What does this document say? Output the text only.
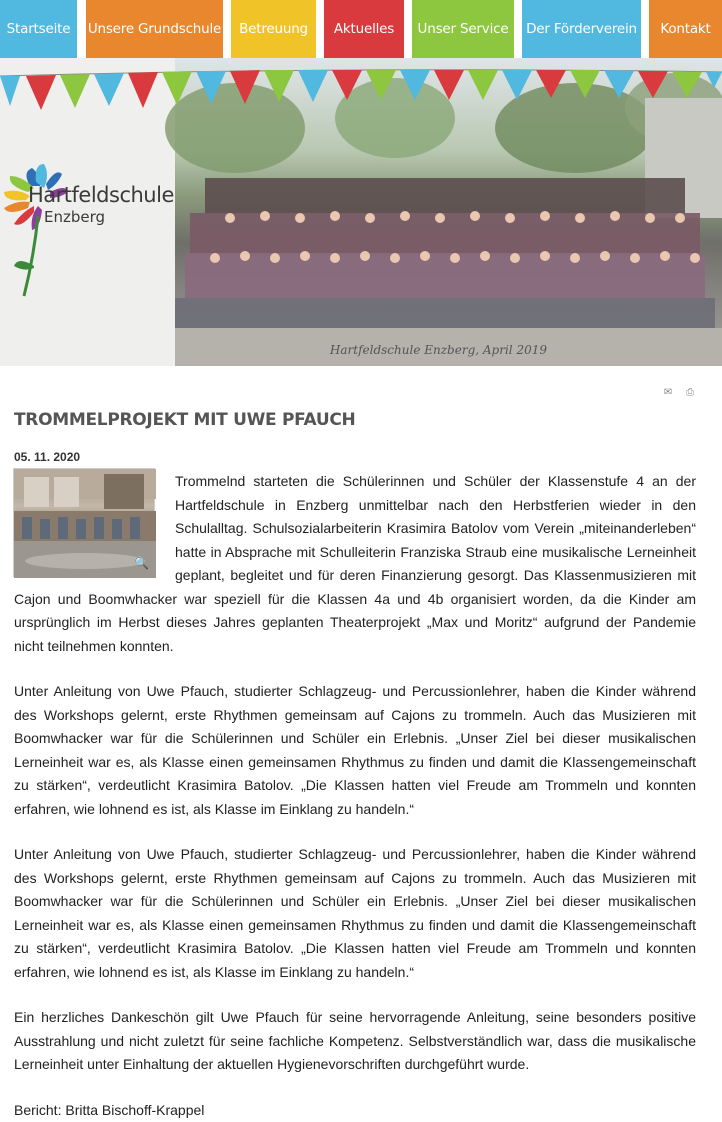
Startseite	Unsere Grundschule	Betreuung	Aktuelles	Unser Service	Der Förderverein	Kontakt
Hartfeldschule
Enzberg
Hartfeldschule Enzberg, April 2019
✉ ⎙
TROMMELPROJEKT MIT UWE PFAUCH
05. 11. 2020
🔍

Trommelnd starteten die Schülerinnen und Schüler der Klassenstufe 4 an der Hartfeldschule in Enzberg unmittelbar nach den Herbstferien wieder in den Schulalltag. Schulsozialarbeiterin Krasimira Batolov vom Verein „miteinanderleben“ hatte in Absprache mit Schulleiterin Franziska Straub eine musikalische Lerneinheit geplant, begleitet und für deren Finanzierung gesorgt. Das Klassenmusizieren mit Cajon und Boomwhacker war speziell für die Klassen 4a und 4b organisiert worden, da die Kinder am ursprünglich im Herbst dieses Jahres geplanten Theaterprojekt „Max und Moritz“ aufgrund der Pandemie nicht teilnehmen konnten.

Unter Anleitung von Uwe Pfauch, studierter Schlagzeug- und Percussionlehrer, haben die Kinder während des Workshops gelernt, erste Rhythmen gemeinsam auf Cajons zu trommeln. Auch das Musizieren mit Boomwhacker war für die Schülerinnen und Schüler ein Erlebnis. „Unser Ziel bei dieser musikalischen Lerneinheit war es, als Klasse einen gemeinsamen Rhythmus zu finden und damit die Klassengemeinschaft zu stärken“, verdeutlicht Krasimira Batolov. „Die Klassen hatten viel Freude am Trommeln und konnten erfahren, wie lohnend es ist, als Klasse im Einklang zu handeln.“

Unter Anleitung von Uwe Pfauch, studierter Schlagzeug- und Percussionlehrer, haben die Kinder während des Workshops gelernt, erste Rhythmen gemeinsam auf Cajons zu trommeln. Auch das Musizieren mit Boomwhacker war für die Schülerinnen und Schüler ein Erlebnis. „Unser Ziel bei dieser musikalischen Lerneinheit war es, als Klasse einen gemeinsamen Rhythmus zu finden und damit die Klassengemeinschaft zu stärken“, verdeutlicht Krasimira Batolov. „Die Klassen hatten viel Freude am Trommeln und konnten erfahren, wie lohnend es ist, als Klasse im Einklang zu handeln.“

Ein herzliches Dankeschön gilt Uwe Pfauch für seine hervorragende Anleitung, seine besonders positive Ausstrahlung und nicht zuletzt für seine fachliche Kompetenz. Selbstverständlich war, dass die musikalische Lerneinheit unter Einhaltung der aktuellen Hygienevorschriften durchgeführt wurde.

Bericht: Britta Bischoff-Krappel
